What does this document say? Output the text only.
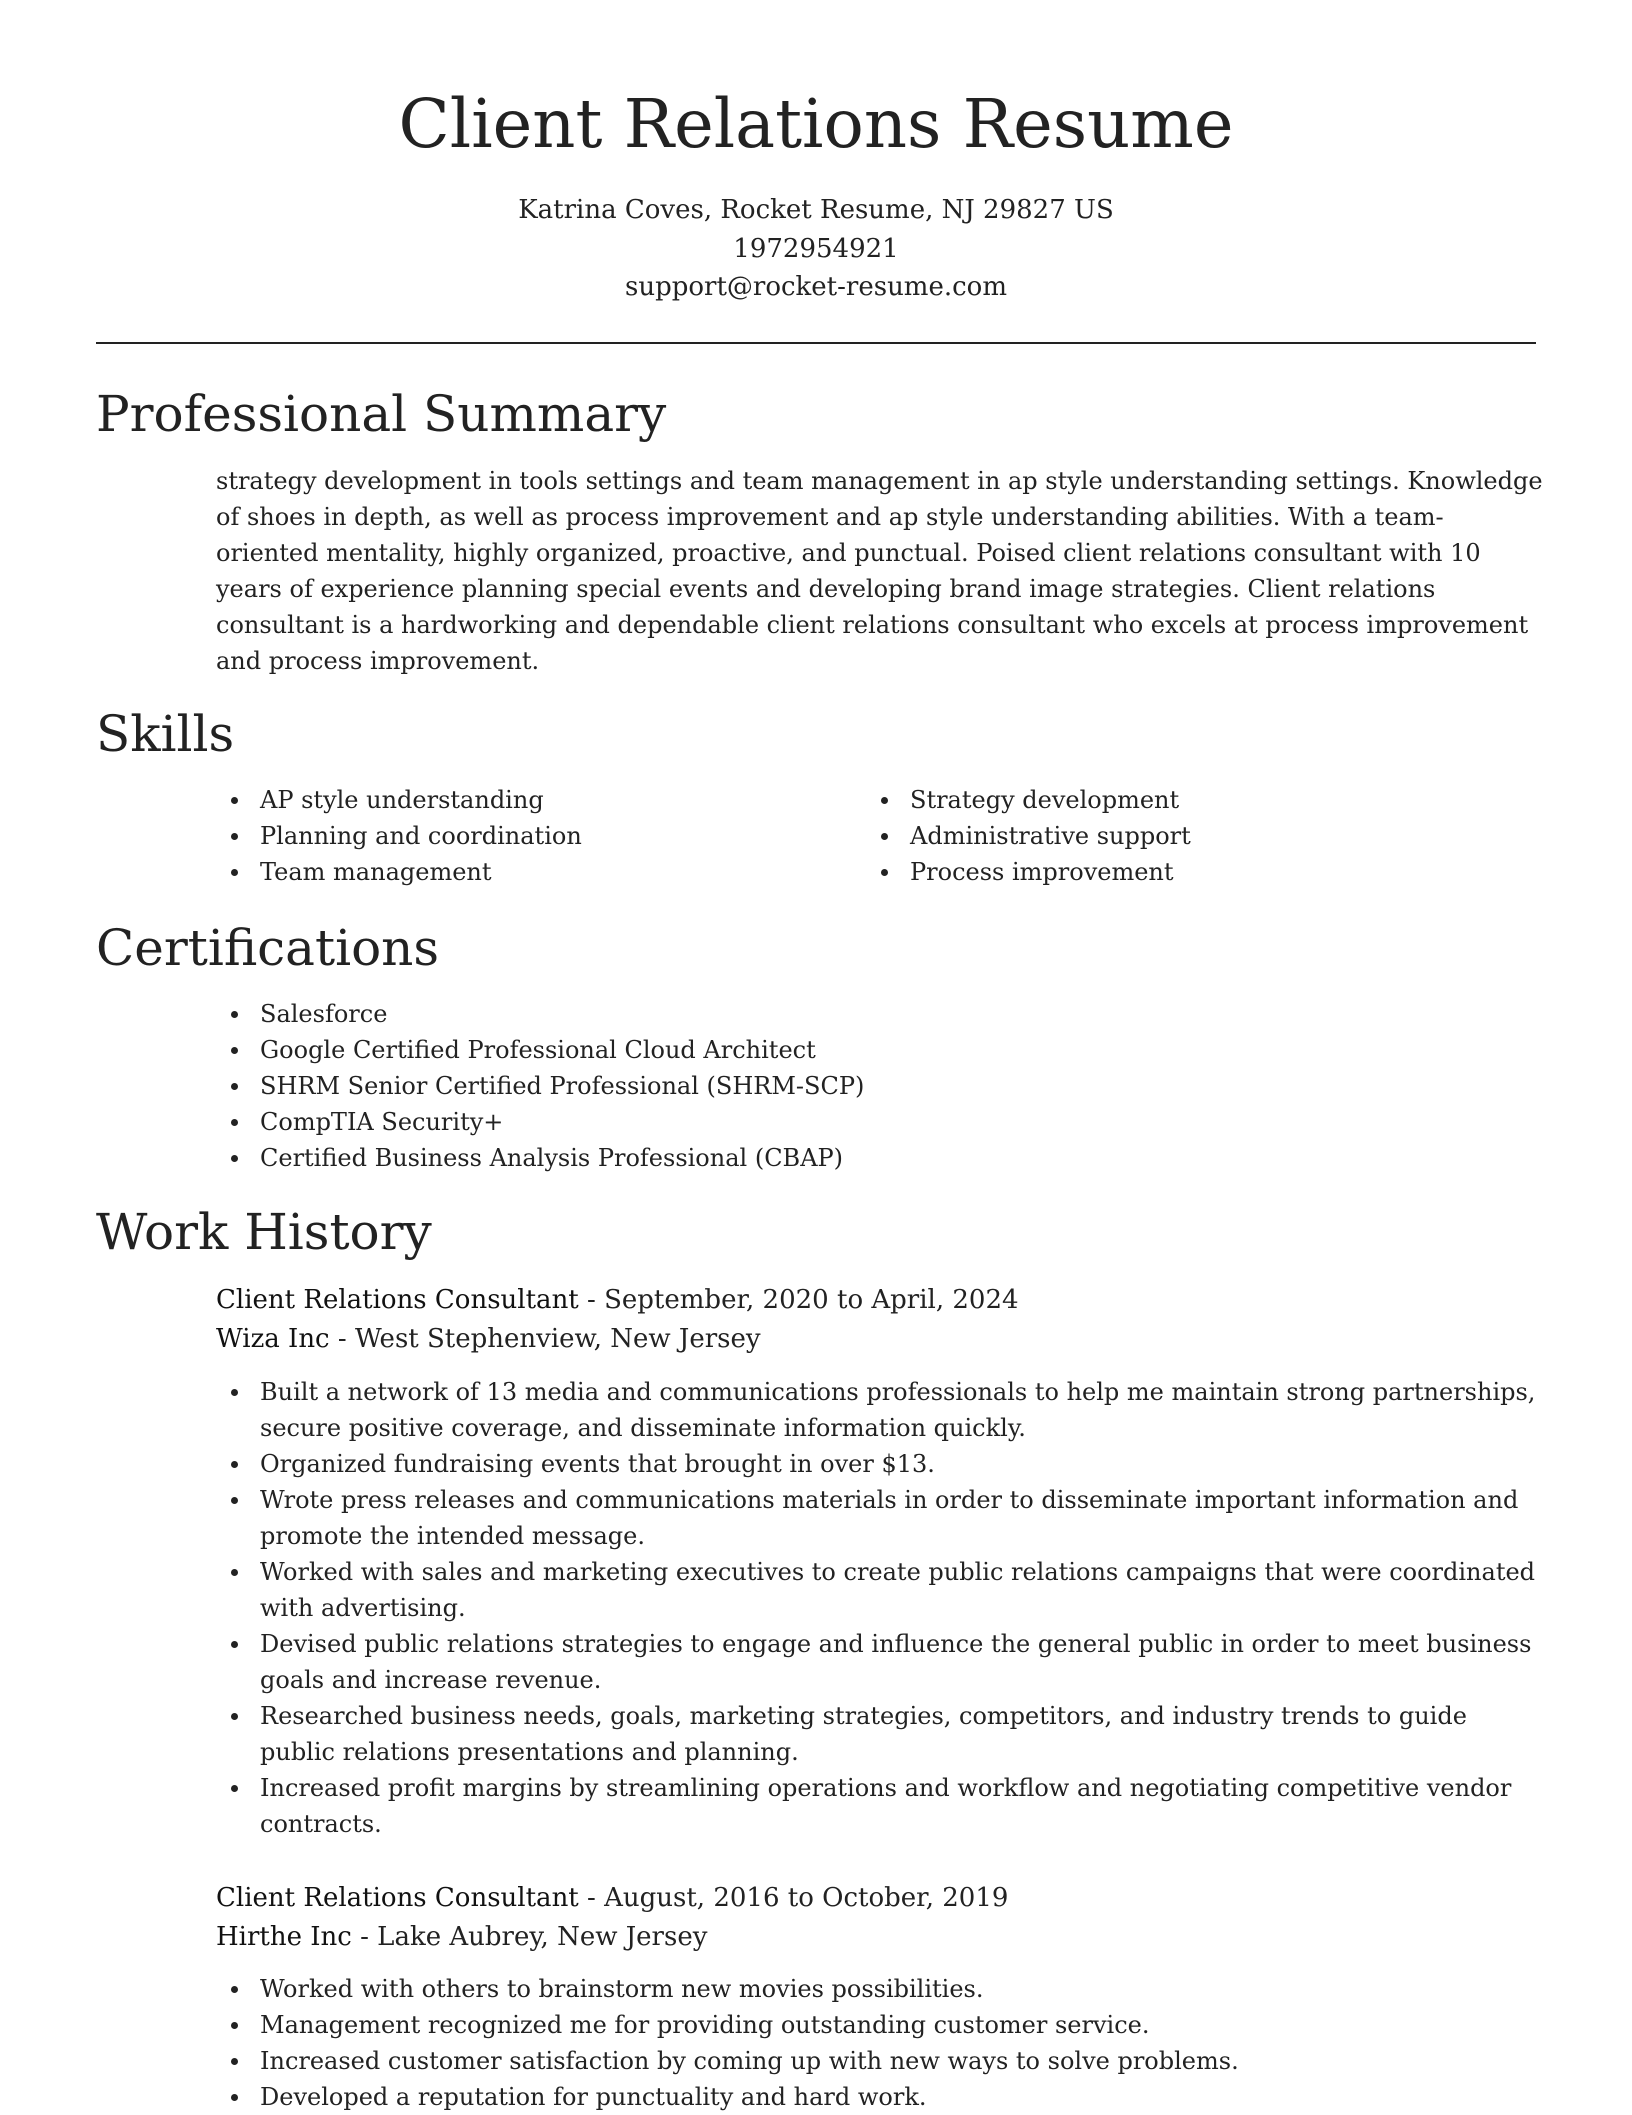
Client Relations Resume
Katrina Coves, Rocket Resume, NJ 29827 US
1972954921
support@rocket-resume.com
Professional Summary

strategy development in tools settings and team management in ap style understanding settings. Knowledge of shoes in depth, as well as process improvement and ap style understanding abilities. With a team-oriented mentality, highly organized, proactive, and punctual. Poised client relations consultant with 10 years of experience planning special events and developing brand image strategies. Client relations consultant is a hardworking and dependable client relations consultant who excels at process improvement and process improvement.

Skills
AP style understanding
Planning and coordination
Team management
Strategy development
Administrative support
Process improvement
Certifications
Salesforce
Google Certified Professional Cloud Architect
SHRM Senior Certified Professional (SHRM-SCP)
CompTIA Security+
Certified Business Analysis Professional (CBAP)
Work History
Client Relations Consultant - September, 2020 to April, 2024
Wiza Inc - West Stephenview, New Jersey
Built a network of 13 media and communications professionals to help me maintain strong partnerships, secure positive coverage, and disseminate information quickly.
Organized fundraising events that brought in over $13.
Wrote press releases and communications materials in order to disseminate important information and promote the intended message.
Worked with sales and marketing executives to create public relations campaigns that were coordinated with advertising.
Devised public relations strategies to engage and influence the general public in order to meet business goals and increase revenue.
Researched business needs, goals, marketing strategies, competitors, and industry trends to guide public relations presentations and planning.
Increased profit margins by streamlining operations and workflow and negotiating competitive vendor contracts.
Client Relations Consultant - August, 2016 to October, 2019
Hirthe Inc - Lake Aubrey, New Jersey
Worked with others to brainstorm new movies possibilities.
Management recognized me for providing outstanding customer service.
Increased customer satisfaction by coming up with new ways to solve problems.
Developed a reputation for punctuality and hard work.
